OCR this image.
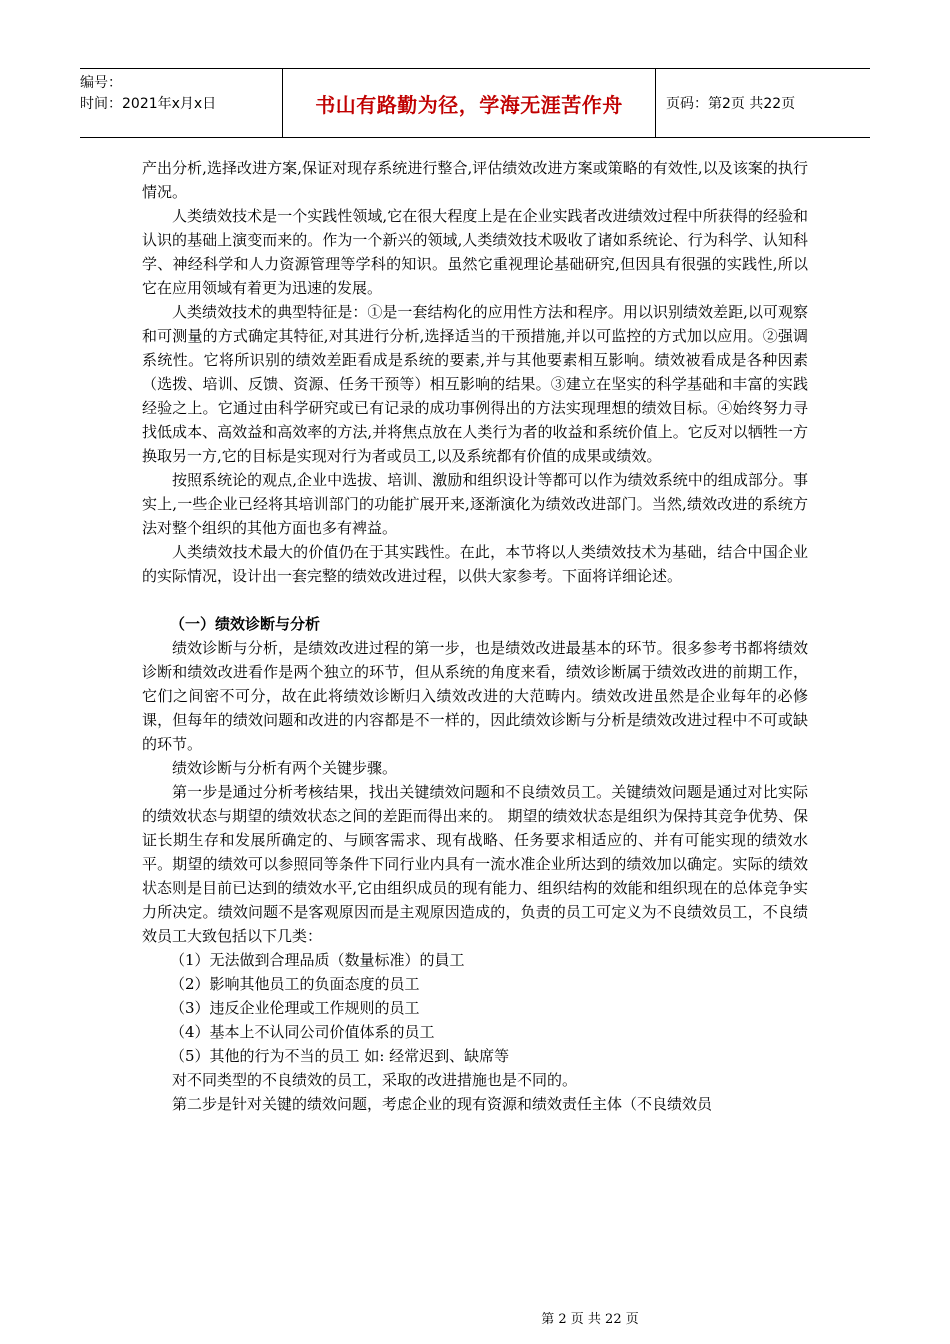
编号：
时间：2021年x月x日	书山有路勤为径，学海无涯苦作舟	页码：第2页 共22页

产出分析,选择改进方案,保证对现存系统进行整合,评估绩效改进方案或策略的有效性,以及该案的执行情况。

人类绩效技术是一个实践性领域,它在很大程度上是在企业实践者改进绩效过程中所获得的经验和认识的基础上演变而来的。作为一个新兴的领域,人类绩效技术吸收了诸如系统论、行为科学、认知科学、神经科学和人力资源管理等学科的知识。虽然它重视理论基础研究,但因具有很强的实践性,所以它在应用领域有着更为迅速的发展。

人类绩效技术的典型特征是：①是一套结构化的应用性方法和程序。用以识别绩效差距,以可观察和可测量的方式确定其特征,对其进行分析,选择适当的干预措施,并以可监控的方式加以应用。②强调系统性。它将所识别的绩效差距看成是系统的要素,并与其他要素相互影响。绩效被看成是各种因素（选拨、培训、反馈、资源、任务干预等）相互影响的结果。③建立在坚实的科学基础和丰富的实践经验之上。它通过由科学研究或已有记录的成功事例得出的方法实现理想的绩效目标。④始终努力寻找低成本、高效益和高效率的方法,并将焦点放在人类行为者的收益和系统价值上。它反对以牺牲一方换取另一方,它的目标是实现对行为者或员工,以及系统都有价值的成果或绩效。

按照系统论的观点,企业中选拔、培训、激励和组织设计等都可以作为绩效系统中的组成部分。事实上,一些企业已经将其培训部门的功能扩展开来,逐渐演化为绩效改进部门。当然,绩效改进的系统方法对整个组织的其他方面也多有裨益。

人类绩效技术最大的价值仍在于其实践性。在此，本节将以人类绩效技术为基础，结合中国企业的实际情况，设计出一套完整的绩效改进过程，以供大家参考。下面将详细论述。

（一）绩效诊断与分析

绩效诊断与分析，是绩效改进过程的第一步，也是绩效改进最基本的环节。很多参考书都将绩效诊断和绩效改进看作是两个独立的环节，但从系统的角度来看，绩效诊断属于绩效改进的前期工作，它们之间密不可分，故在此将绩效诊断归入绩效改进的大范畴内。绩效改进虽然是企业每年的必修课，但每年的绩效问题和改进的内容都是不一样的，因此绩效诊断与分析是绩效改进过程中不可或缺的环节。

绩效诊断与分析有两个关键步骤。

第一步是通过分析考核结果，找出关键绩效问题和不良绩效员工。关键绩效问题是通过对比实际的绩效状态与期望的绩效状态之间的差距而得出来的。 期望的绩效状态是组织为保持其竞争优势、保证长期生存和发展所确定的、与顾客需求、现有战略、任务要求相适应的、并有可能实现的绩效水平。期望的绩效可以参照同等条件下同行业内具有一流水准企业所达到的绩效加以确定。实际的绩效状态则是目前已达到的绩效水平,它由组织成员的现有能力、组织结构的效能和组织现在的总体竞争实力所决定。绩效问题不是客观原因而是主观原因造成的，负责的员工可定义为不良绩效员工，不良绩效员工大致包括以下几类：

（1）无法做到合理品质（数量标准）的員工

（2）影响其他员工的负面态度的员工

（3）违反企业伦理或工作规则的员工

（4）基本上不认同公司价值体系的员工

（5）其他的行为不当的员工 如: 经常迟到、缺席等

对不同类型的不良绩效的员工，采取的改进措施也是不同的。

第二步是针对关键的绩效问题，考虑企业的现有资源和绩效责任主体（不良绩效员

第 2 页 共 22 页
